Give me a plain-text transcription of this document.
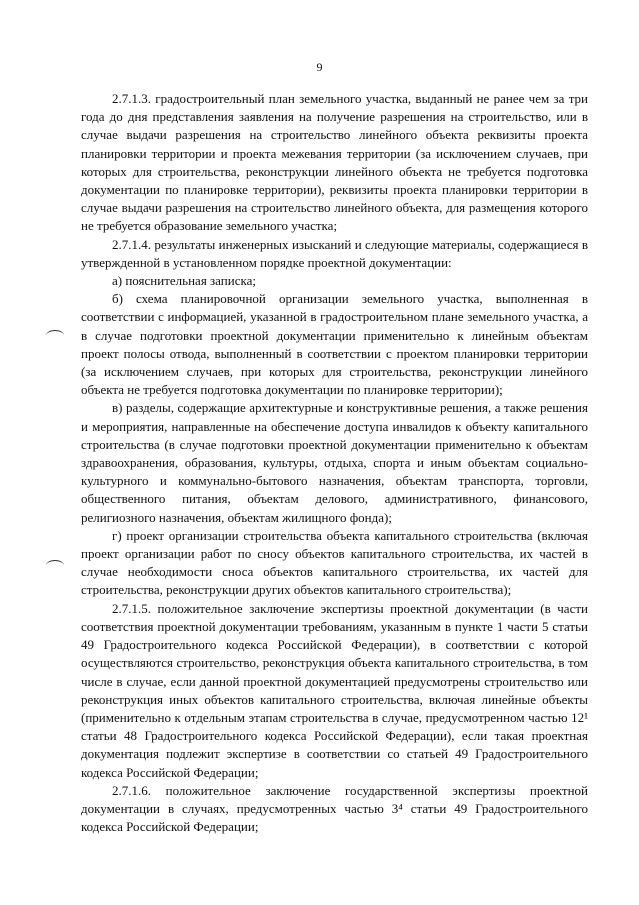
9

2.7.1.3. градостроительный план земельного участка, выданный не ранее чем за три года до дня представления заявления на получение разрешения на строительство, или в случае выдачи разрешения на строительство линейного объекта реквизиты проекта планировки территории и проекта межевания территории (за исключением случаев, при которых для строительства, реконструкции линейного объекта не требуется подготовка документации по планировке территории), реквизиты проекта планировки территории в случае выдачи разрешения на строительство линейного объекта, для размещения которого не требуется образование земельного участка;

2.7.1.4. результаты инженерных изысканий и следующие материалы, содержащиеся в утвержденной в установленном порядке проектной документации:

а) пояснительная записка;

б) схема планировочной организации земельного участка, выполненная в соответствии с информацией, указанной в градостроительном плане земельного участка, а в случае подготовки проектной документации применительно к линейным объектам проект полосы отвода, выполненный в соответствии с проектом планировки территории (за исключением случаев, при которых для строительства, реконструкции линейного объекта не требуется подготовка документации по планировке территории);

в) разделы, содержащие архитектурные и конструктивные решения, а также решения и мероприятия, направленные на обеспечение доступа инвалидов к объекту капитального строительства (в случае подготовки проектной документации применительно к объектам здравоохранения, образования, культуры, отдыха, спорта и иным объектам социально-культурного и коммунально-бытового назначения, объектам транспорта, торговли, общественного питания, объектам делового, административного, финансового, религиозного назначения, объектам жилищного фонда);

г) проект организации строительства объекта капитального строительства (включая проект организации работ по сносу объектов капитального строительства, их частей в случае необходимости сноса объектов капитального строительства, их частей для строительства, реконструкции других объектов капитального строительства);

2.7.1.5. положительное заключение экспертизы проектной документации (в части соответствия проектной документации требованиям, указанным в пункте 1 части 5 статьи 49 Градостроительного кодекса Российской Федерации), в соответствии с которой осуществляются строительство, реконструкция объекта капитального строительства, в том числе в случае, если данной проектной документацией предусмотрены строительство или реконструкция иных объектов капитального строительства, включая линейные объекты (применительно к отдельным этапам строительства в случае, предусмотренном частью 12¹ статьи 48 Градостроительного кодекса Российской Федерации), если такая проектная документация подлежит экспертизе в соответствии со статьей 49 Градостроительного кодекса Российской Федерации;

2.7.1.6. положительное заключение государственной экспертизы проектной документации в случаях, предусмотренных частью 3⁴ статьи 49 Градостроительного кодекса Российской Федерации;
